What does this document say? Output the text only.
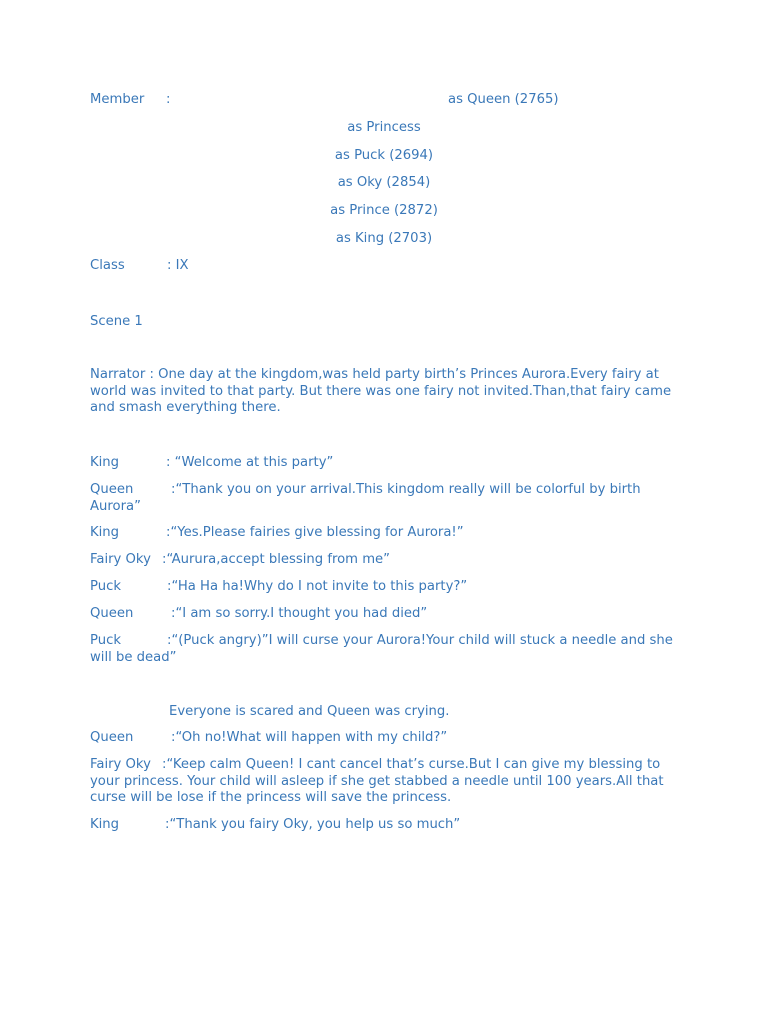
Member :	as Queen (2765)
as Princess
as Puck (2694)
as Oky (2854)
as Prince (2872)
as King (2703)
Class	: IX
Scene 1
Narrator : One day at the kingdom,was held party birth’s Princes Aurora.Every fairy at world was invited to that party. But there was one fairy not invited.Than,that fairy came and smash everything there.
King	: “Welcome at this party”
Queen	:“Thank you on your arrival.This kingdom really will be colorful by birth Aurora”
King	:“Yes.Please fairies give blessing for Aurora!”
Fairy Oky :“Aurura,accept blessing from me”
Puck	:“Ha Ha ha!Why do I not invite to this party?”
Queen	:“I am so sorry.I thought you had died”
Puck	:“(Puck angry)”I will curse your Aurora!Your child will stuck a needle and she will be dead”
Everyone is scared and Queen was crying.
Queen	:“Oh no!What will happen with my child?”
Fairy Oky :“Keep calm Queen! I cant cancel that’s curse.But I can give my blessing to your princess. Your child will asleep if she get stabbed a needle until 100 years.All that curse will be lose if the princess will save the princess.
King	:“Thank you fairy Oky, you help us so much”
